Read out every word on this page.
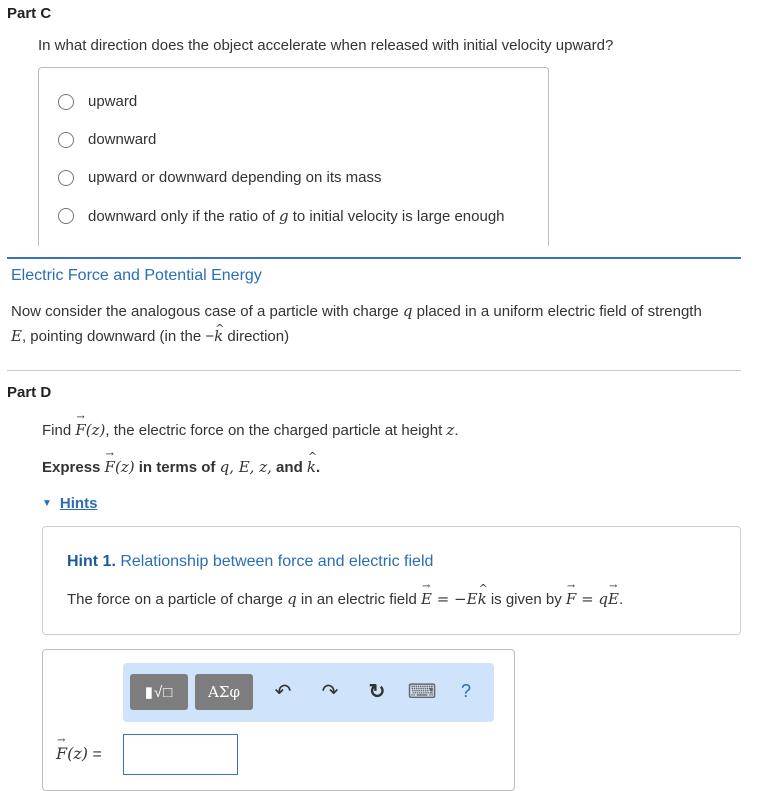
Part C
In what direction does the object accelerate when released with initial velocity upward?
upward
downward
upward or downward depending on its mass
downward only if the ratio of g to initial velocity is large enough
Electric Force and Potential Energy
Now consider the analogous case of a particle with charge q placed in a uniform electric field of strength
E, pointing downward (in the −^ k direction)
Part D
Find → F(z), the electric force on the charged particle at height z.
Express → F(z) in terms of q, E, z, and ^ k.
▼ Hints
Hint 1. Relationship between force and electric field
The force on a particle of charge q in an electric field → E = −E^ k is given by → F = q→ E.
▮√□	ΑΣφ	↶ ↷ ↻ ⌨	?
→ F(z) =
